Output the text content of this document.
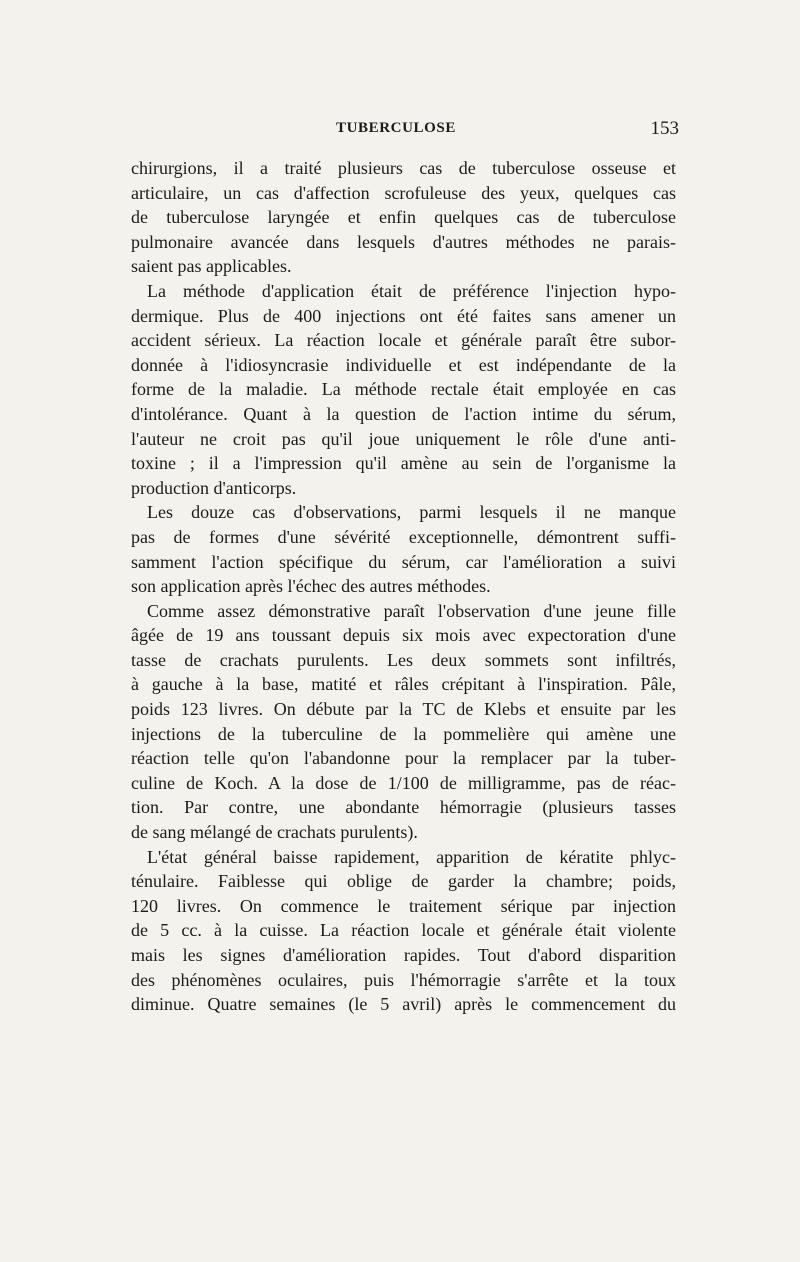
TUBERCULOSE	153
chirurgions, il a traité plusieurs cas de tuberculose osseuse et
articulaire, un cas d'affection scrofuleuse des yeux, quelques cas
de tuberculose laryngée et enfin quelques cas de tuberculose
pulmonaire avancée dans lesquels d'autres méthodes ne parais-
saient pas applicables.
La méthode d'application était de préférence l'injection hypo-
dermique. Plus de 400 injections ont été faites sans amener un
accident sérieux. La réaction locale et générale paraît être subor-
donnée à l'idiosyncrasie individuelle et est indépendante de la
forme de la maladie. La méthode rectale était employée en cas
d'intolérance. Quant à la question de l'action intime du sérum,
l'auteur ne croit pas qu'il joue uniquement le rôle d'une anti-
toxine ; il a l'impression qu'il amène au sein de l'organisme la
production d'anticorps.
Les douze cas d'observations, parmi lesquels il ne manque
pas de formes d'une sévérité exceptionnelle, démontrent suffi-
samment l'action spécifique du sérum, car l'amélioration a suivi
son application après l'échec des autres méthodes.
Comme assez démonstrative paraît l'observation d'une jeune fille
âgée de 19 ans toussant depuis six mois avec expectoration d'une
tasse de crachats purulents. Les deux sommets sont infiltrés,
à gauche à la base, matité et râles crépitant à l'inspiration. Pâle,
poids 123 livres. On débute par la TC de Klebs et ensuite par les
injections de la tuberculine de la pommelière qui amène une
réaction telle qu'on l'abandonne pour la remplacer par la tuber-
culine de Koch. A la dose de 1/100 de milligramme, pas de réac-
tion. Par contre, une abondante hémorragie (plusieurs tasses
de sang mélangé de crachats purulents).
L'état général baisse rapidement, apparition de kératite phlyc-
ténulaire. Faiblesse qui oblige de garder la chambre; poids,
120 livres. On commence le traitement sérique par injection
de 5 cc. à la cuisse. La réaction locale et générale était violente
mais les signes d'amélioration rapides. Tout d'abord disparition
des phénomènes oculaires, puis l'hémorragie s'arrête et la toux
diminue. Quatre semaines (le 5 avril) après le commencement du
